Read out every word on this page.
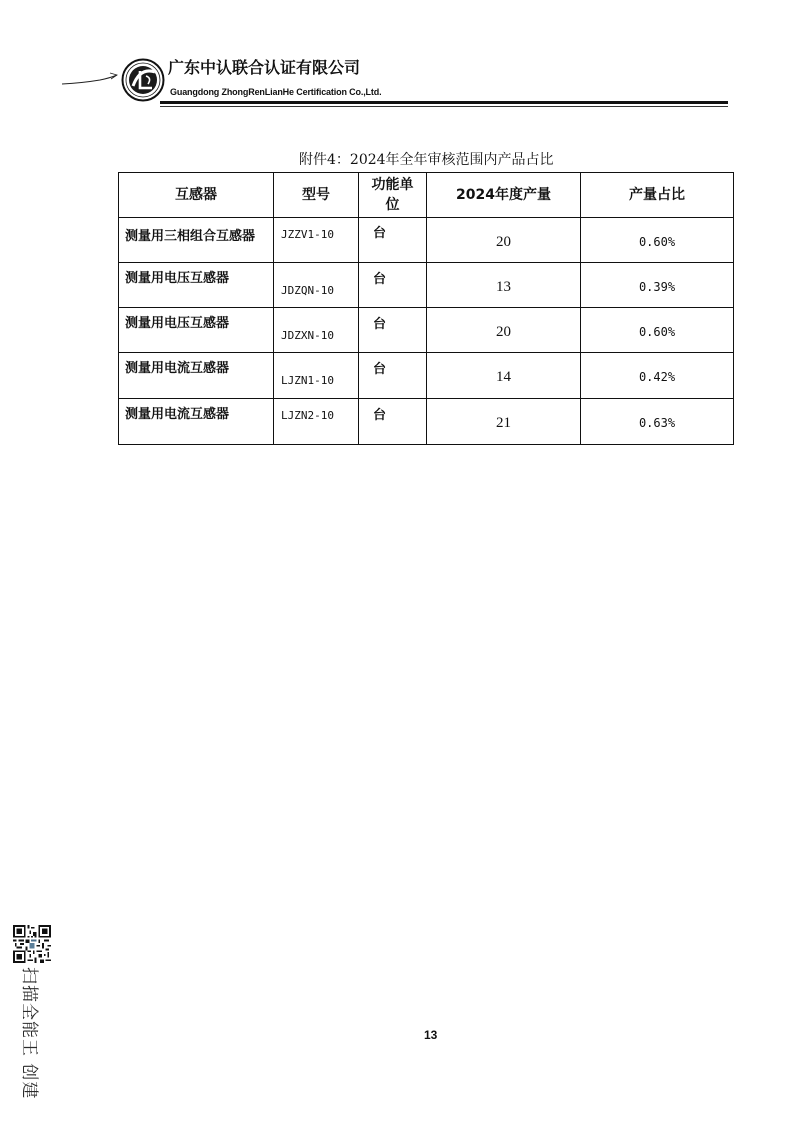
广东中认联合认证有限公司
Guangdong ZhongRenLianHe Certification Co.,Ltd.
附件4：2024年全年审核范围内产品占比
互感器	型号	功能单位	2024年度产量	产量占比
测量用三相组合互感器	JZZV1-10	台	20	0.60%
测量用电压互感器	JDZQN-10	台	13	0.39%
测量用电压互感器	JDZXN-10	台	20	0.60%
测量用电流互感器	LJZN1-10	台	14	0.42%
测量用电流互感器	LJZN2-10	台	21	0.63%
13
扫描全能王 创建
